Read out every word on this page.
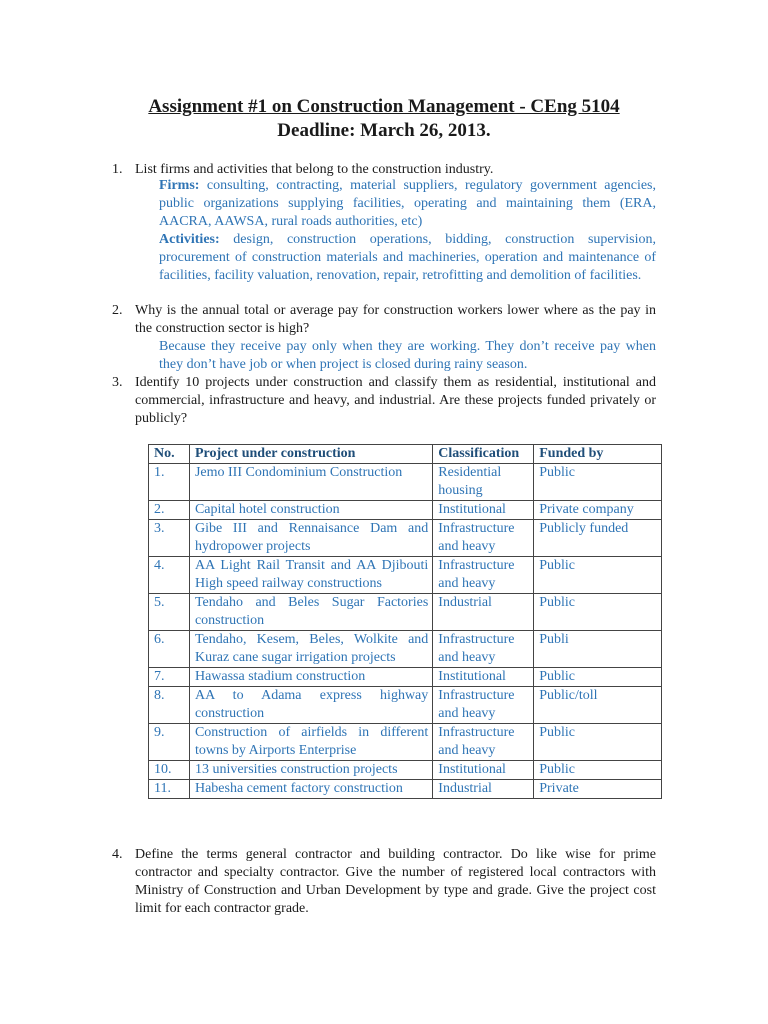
Assignment #1 on Construction Management - CEng 5104
Deadline: March 26, 2013.
1. List firms and activities that belong to the construction industry.
Firms: consulting, contracting, material suppliers, regulatory government agencies, public organizations supplying facilities, operating and maintaining them (ERA, AACRA, AAWSA, rural roads authorities, etc)
Activities: design, construction operations, bidding, construction supervision, procurement of construction materials and machineries, operation and maintenance of facilities, facility valuation, renovation, repair, retrofitting and demolition of facilities.
2. Why is the annual total or average pay for construction workers lower where as the pay in the construction sector is high?
Because they receive pay only when they are working. They don’t receive pay when they don’t have job or when project is closed during rainy season.
3. Identify 10 projects under construction and classify them as residential, institutional and commercial, infrastructure and heavy, and industrial. Are these projects funded privately or publicly?
No.	Project under construction	Classification	Funded by
1.	Jemo III Condominium Construction	Residential housing	Public
2.	Capital hotel construction	Institutional	Private company
3.	Gibe III and Rennaisance Dam and hydropower projects	Infrastructure and heavy	Publicly funded
4.	AA Light Rail Transit and AA Djibouti High speed railway constructions	Infrastructure and heavy	Public
5.	Tendaho and Beles Sugar Factories construction	Industrial	Public
6.	Tendaho, Kesem, Beles, Wolkite and Kuraz cane sugar irrigation projects	Infrastructure and heavy	Publi
7.	Hawassa stadium construction	Institutional	Public
8.	AA to Adama express highway construction	Infrastructure and heavy	Public/toll
9.	Construction of airfields in different towns by Airports Enterprise	Infrastructure and heavy	Public
10.	13 universities construction projects	Institutional	Public
11.	Habesha cement factory construction	Industrial	Private
4. Define the terms general contractor and building contractor. Do like wise for prime contractor and specialty contractor. Give the number of registered local contractors with Ministry of Construction and Urban Development by type and grade. Give the project cost limit for each contractor grade.
